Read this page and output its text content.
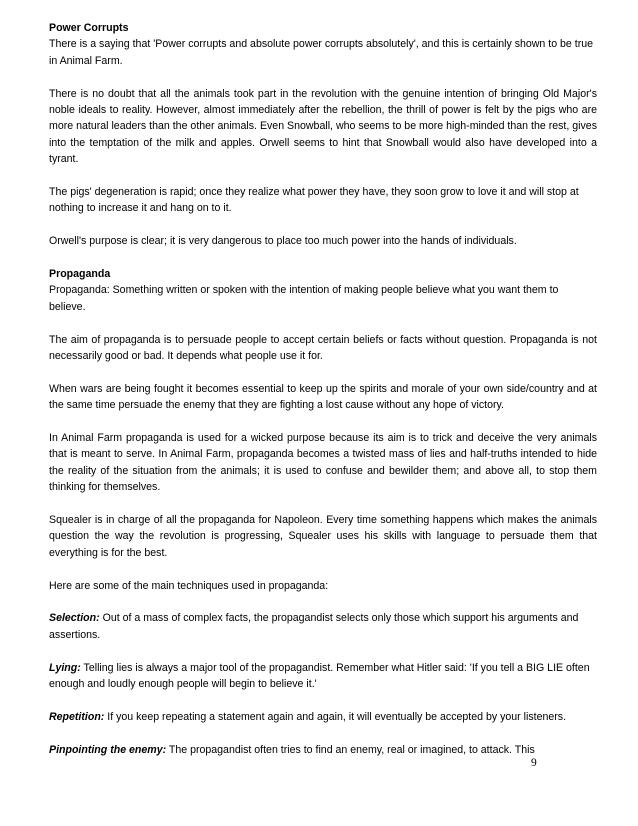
Power Corrupts

There is a saying that 'Power corrupts and absolute power corrupts absolutely', and this is certainly shown to be true in Animal Farm.

There is no doubt that all the animals took part in the revolution with the genuine intention of bringing Old Major's noble ideals to reality. However, almost immediately after the rebellion, the thrill of power is felt by the pigs who are more natural leaders than the other animals. Even Snowball, who seems to be more high-minded than the rest, gives into the temptation of the milk and apples. Orwell seems to hint that Snowball would also have developed into a tyrant.

The pigs' degeneration is rapid; once they realize what power they have, they soon grow to love it and will stop at nothing to increase it and hang on to it.

Orwell's purpose is clear; it is very dangerous to place too much power into the hands of individuals.

Propaganda

Propaganda: Something written or spoken with the intention of making people believe what you want them to believe.

The aim of propaganda is to persuade people to accept certain beliefs or facts without question. Propaganda is not necessarily good or bad. It depends what people use it for.

When wars are being fought it becomes essential to keep up the spirits and morale of your own side/country and at the same time persuade the enemy that they are fighting a lost cause without any hope of victory.

In Animal Farm propaganda is used for a wicked purpose because its aim is to trick and deceive the very animals that is meant to serve. In Animal Farm, propaganda becomes a twisted mass of lies and half-truths intended to hide the reality of the situation from the animals; it is used to confuse and bewilder them; and above all, to stop them thinking for themselves.

Squealer is in charge of all the propaganda for Napoleon. Every time something happens which makes the animals question the way the revolution is progressing, Squealer uses his skills with language to persuade them that everything is for the best.

Here are some of the main techniques used in propaganda:

Selection: Out of a mass of complex facts, the propagandist selects only those which support his arguments and assertions.

Lying: Telling lies is always a major tool of the propagandist. Remember what Hitler said: 'If you tell a BIG LIE often enough and loudly enough people will begin to believe it.'

Repetition: If you keep repeating a statement again and again, it will eventually be accepted by your listeners.

Pinpointing the enemy: The propagandist often tries to find an enemy, real or imagined, to attack. This

9
